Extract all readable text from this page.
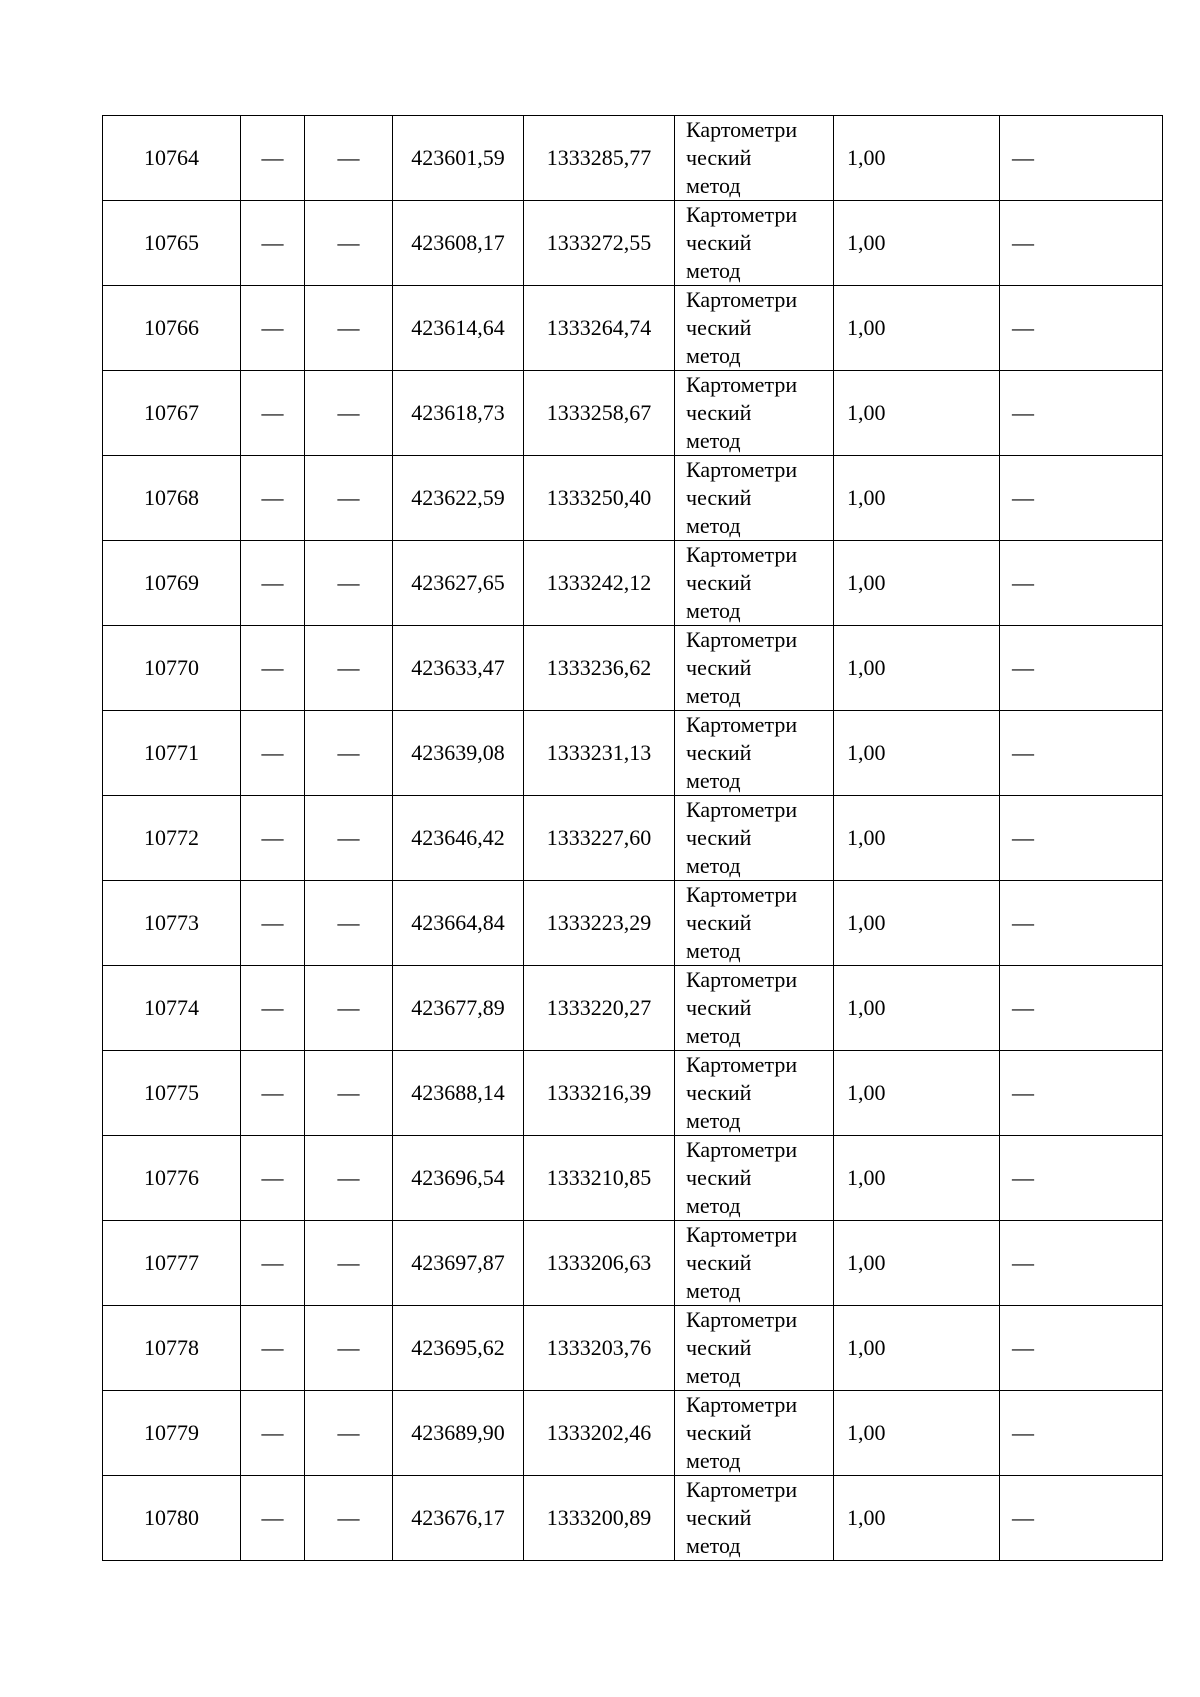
10764	—	—	423601,59	1333285,77	Картометри
ческий
метод	1,00	—
10765	—	—	423608,17	1333272,55	Картометри
ческий
метод	1,00	—
10766	—	—	423614,64	1333264,74	Картометри
ческий
метод	1,00	—
10767	—	—	423618,73	1333258,67	Картометри
ческий
метод	1,00	—
10768	—	—	423622,59	1333250,40	Картометри
ческий
метод	1,00	—
10769	—	—	423627,65	1333242,12	Картометри
ческий
метод	1,00	—
10770	—	—	423633,47	1333236,62	Картометри
ческий
метод	1,00	—
10771	—	—	423639,08	1333231,13	Картометри
ческий
метод	1,00	—
10772	—	—	423646,42	1333227,60	Картометри
ческий
метод	1,00	—
10773	—	—	423664,84	1333223,29	Картометри
ческий
метод	1,00	—
10774	—	—	423677,89	1333220,27	Картометри
ческий
метод	1,00	—
10775	—	—	423688,14	1333216,39	Картометри
ческий
метод	1,00	—
10776	—	—	423696,54	1333210,85	Картометри
ческий
метод	1,00	—
10777	—	—	423697,87	1333206,63	Картометри
ческий
метод	1,00	—
10778	—	—	423695,62	1333203,76	Картометри
ческий
метод	1,00	—
10779	—	—	423689,90	1333202,46	Картометри
ческий
метод	1,00	—
10780	—	—	423676,17	1333200,89	Картометри
ческий
метод	1,00	—
